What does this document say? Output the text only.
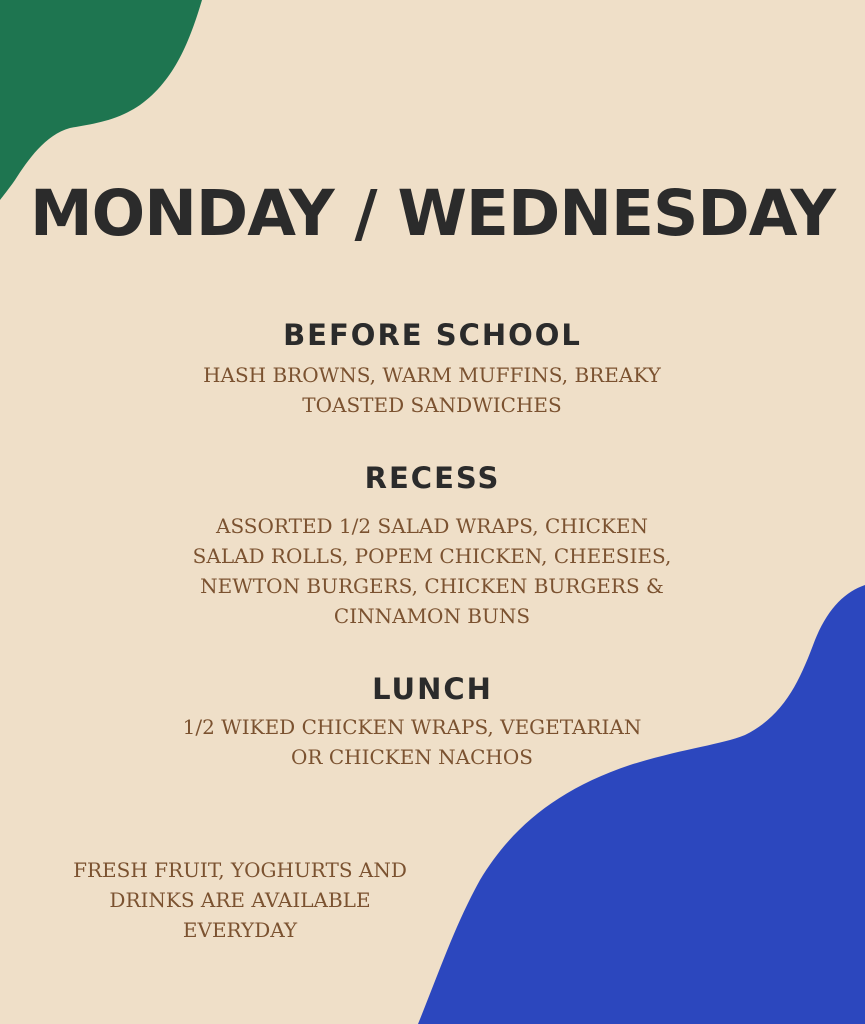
MONDAY / WEDNESDAY
BEFORE SCHOOL
HASH BROWNS, WARM MUFFINS, BREAKY
TOASTED SANDWICHES
RECESS
ASSORTED 1/2 SALAD WRAPS, CHICKEN
SALAD ROLLS, POPEM CHICKEN, CHEESIES,
NEWTON BURGERS, CHICKEN BURGERS &
CINNAMON BUNS
LUNCH
1/2 WIKED CHICKEN WRAPS, VEGETARIAN
OR CHICKEN NACHOS
FRESH FRUIT, YOGHURTS AND
DRINKS ARE AVAILABLE
EVERYDAY
